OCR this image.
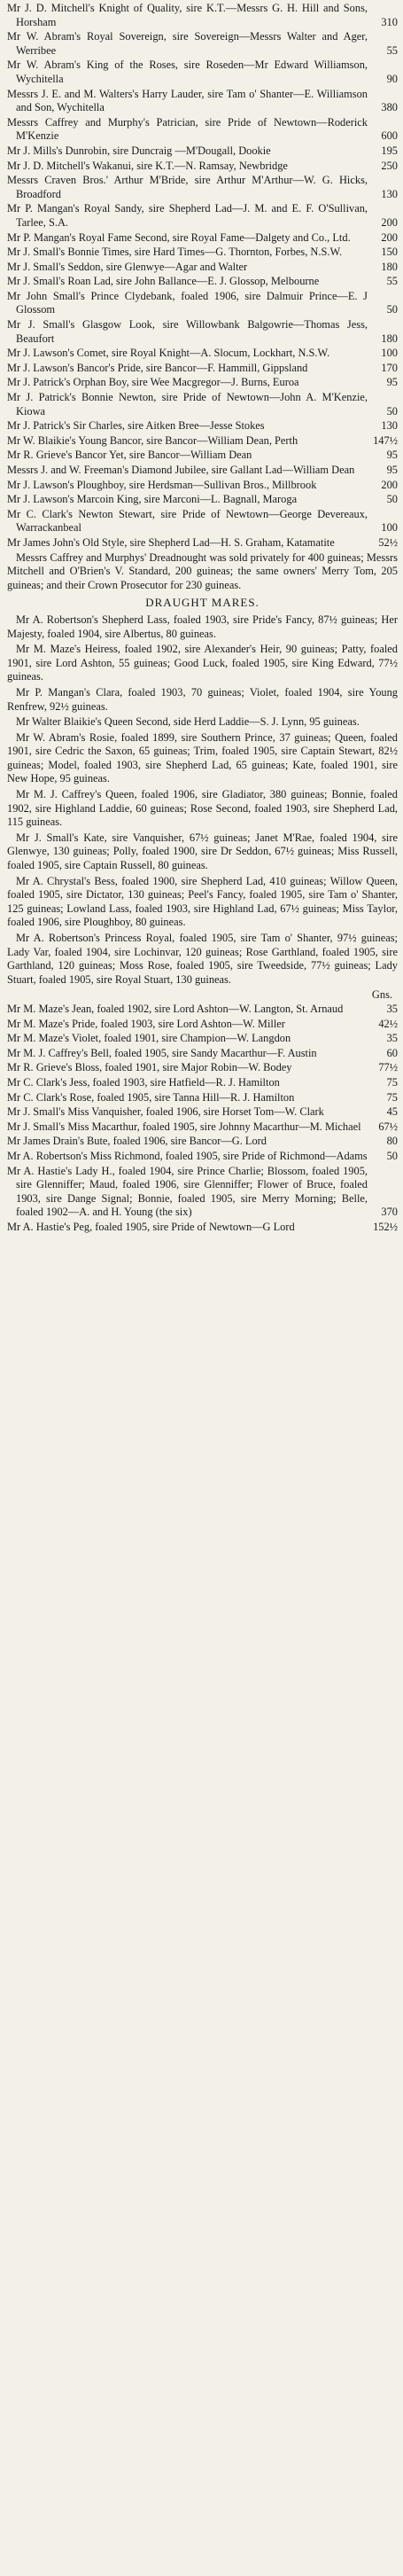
Mr J. D. Mitchell's Knight of Quality, sire K.T.—Messrs G. H. Hill and Sons, Horsham	310
Mr W. Abram's Royal Sovereign, sire Sovereign—Messrs Walter and Ager, Werribee	55
Mr W. Abram's King of the Roses, sire Roseden—Mr Edward Williamson, Wychitella	90
Messrs J. E. and M. Walters's Harry Lauder, sire Tam o' Shanter—E. Williamson and Son, Wychitella	380
Messrs Caffrey and Murphy's Patrician, sire Pride of Newtown—Roderick M'Kenzie	600
Mr J. Mills's Dunrobin, sire Duncraig —M'Dougall, Dookie	195
Mr J. D. Mitchell's Wakanui, sire K.T.—N. Ramsay, Newbridge	250
Messrs Craven Bros.' Arthur M'Bride, sire Arthur M'Arthur—W. G. Hicks, Broadford	130
Mr P. Mangan's Royal Sandy, sire Shepherd Lad—J. M. and E. F. O'Sullivan, Tarlee, S.A.	200
Mr P. Mangan's Royal Fame Second, sire Royal Fame—Dalgety and Co., Ltd.	200
Mr J. Small's Bonnie Times, sire Hard Times—G. Thornton, Forbes, N.S.W.	150
Mr J. Small's Seddon, sire Glenwye—Agar and Walter	180
Mr J. Small's Roan Lad, sire John Ballance—E. J. Glossop, Melbourne	55
Mr John Small's Prince Clydebank, foaled 1906, sire Dalmuir Prince—E. J Glossom	50
Mr J. Small's Glasgow Look, sire Willowbank Balgowrie—Thomas Jess, Beaufort	180
Mr J. Lawson's Comet, sire Royal Knight—A. Slocum, Lockhart, N.S.W.	100
Mr J. Lawson's Bancor's Pride, sire Bancor—F. Hammill, Gippsland	170
Mr J. Patrick's Orphan Boy, sire Wee Macgregor—J. Burns, Euroa	95
Mr J. Patrick's Bonnie Newton, sire Pride of Newtown—John A. M'Kenzie, Kiowa	50
Mr J. Patrick's Sir Charles, sire Aitken Bree—Jesse Stokes	130
Mr W. Blaikie's Young Bancor, sire Bancor—William Dean, Perth	147½
Mr R. Grieve's Bancor Yet, sire Bancor—William Dean	95
Messrs J. and W. Freeman's Diamond Jubilee, sire Gallant Lad—William Dean	95
Mr J. Lawson's Ploughboy, sire Herdsman—Sullivan Bros., Millbrook	200
Mr J. Lawson's Marcoin King, sire Marconi—L. Bagnall, Maroga	50
Mr C. Clark's Newton Stewart, sire Pride of Newtown—George Devereaux, Warrackanbeal	100
Mr James John's Old Style, sire Shepherd Lad—H. S. Graham, Katamatite	52½

Messrs Caffrey and Murphys' Dreadnought was sold privately for 400 guineas; Messrs Mitchell and O'Brien's V. Standard, 200 guineas; the same owners' Merry Tom, 205 guineas; and their Crown Prosecutor for 230 guineas.

DRAUGHT MARES.

Mr A. Robertson's Shepherd Lass, foaled 1903, sire Pride's Fancy, 87½ guineas; Her Majesty, foaled 1904, sire Albertus, 80 guineas.

Mr M. Maze's Heiress, foaled 1902, sire Alexander's Heir, 90 guineas; Patty, foaled 1901, sire Lord Ashton, 55 guineas; Good Luck, foaled 1905, sire King Edward, 77½ guineas.

Mr P. Mangan's Clara, foaled 1903, 70 guineas; Violet, foaled 1904, sire Young Renfrew, 92½ guineas.

Mr Walter Blaikie's Queen Second, side Herd Laddie—S. J. Lynn, 95 guineas.

Mr W. Abram's Rosie, foaled 1899, sire Southern Prince, 37 guineas; Queen, foaled 1901, sire Cedric the Saxon, 65 guineas; Trim, foaled 1905, sire Captain Stewart, 82½ guineas; Model, foaled 1903, sire Shepherd Lad, 65 guineas; Kate, foaled 1901, sire New Hope, 95 guineas.

Mr M. J. Caffrey's Queen, foaled 1906, sire Gladiator, 380 guineas; Bonnie, foaled 1902, sire Highland Laddie, 60 guineas; Rose Second, foaled 1903, sire Shepherd Lad, 115 guineas.

Mr J. Small's Kate, sire Vanquisher, 67½ guineas; Janet M'Rae, foaled 1904, sire Glenwye, 130 guineas; Polly, foaled 1900, sire Dr Seddon, 67½ guineas; Miss Russell, foaled 1905, sire Captain Russell, 80 guineas.

Mr A. Chrystal's Bess, foaled 1900, sire Shepherd Lad, 410 guineas; Willow Queen, foaled 1905, sire Dictator, 130 guineas; Peel's Fancy, foaled 1905, sire Tam o' Shanter, 125 guineas; Lowland Lass, foaled 1903, sire Highland Lad, 67½ guineas; Miss Taylor, foaled 1906, sire Ploughboy, 80 guineas.

Mr A. Robertson's Princess Royal, foaled 1905, sire Tam o' Shanter, 97½ guineas; Lady Var, foaled 1904, sire Lochinvar, 120 guineas; Rose Garthland, foaled 1905, sire Garthland, 120 guineas; Moss Rose, foaled 1905, sire Tweedside, 77½ guineas; Lady Stuart, foaled 1905, sire Royal Stuart, 130 guineas.

Gns.
Mr M. Maze's Jean, foaled 1902, sire Lord Ashton—W. Langton, St. Arnaud	35
Mr M. Maze's Pride, foaled 1903, sire Lord Ashton—W. Miller	42½
Mr M. Maze's Violet, foaled 1901, sire Champion—W. Langdon	35
Mr M. J. Caffrey's Bell, foaled 1905, sire Sandy Macarthur—F. Austin	60
Mr R. Grieve's Bloss, foaled 1901, sire Major Robin—W. Bodey	77½
Mr C. Clark's Jess, foaled 1903, sire Hatfield—R. J. Hamilton	75
Mr C. Clark's Rose, foaled 1905, sire Tanna Hill—R. J. Hamilton	75
Mr J. Small's Miss Vanquisher, foaled 1906, sire Horset Tom—W. Clark	45
Mr J. Small's Miss Macarthur, foaled 1905, sire Johnny Macarthur—M. Michael	67½
Mr James Drain's Bute, foaled 1906, sire Bancor—G. Lord	80
Mr A. Robertson's Miss Richmond, foaled 1905, sire Pride of Richmond—Adams	50
Mr A. Hastie's Lady H., foaled 1904, sire Prince Charlie; Blossom, foaled 1905, sire Glenniffer; Maud, foaled 1906, sire Glenniffer; Flower of Bruce, foaled 1903, sire Dange Signal; Bonnie, foaled 1905, sire Merry Morning; Belle, foaled 1902—A. and H. Young (the six)	370
Mr A. Hastie's Peg, foaled 1905, sire Pride of Newtown—G Lord	152½
